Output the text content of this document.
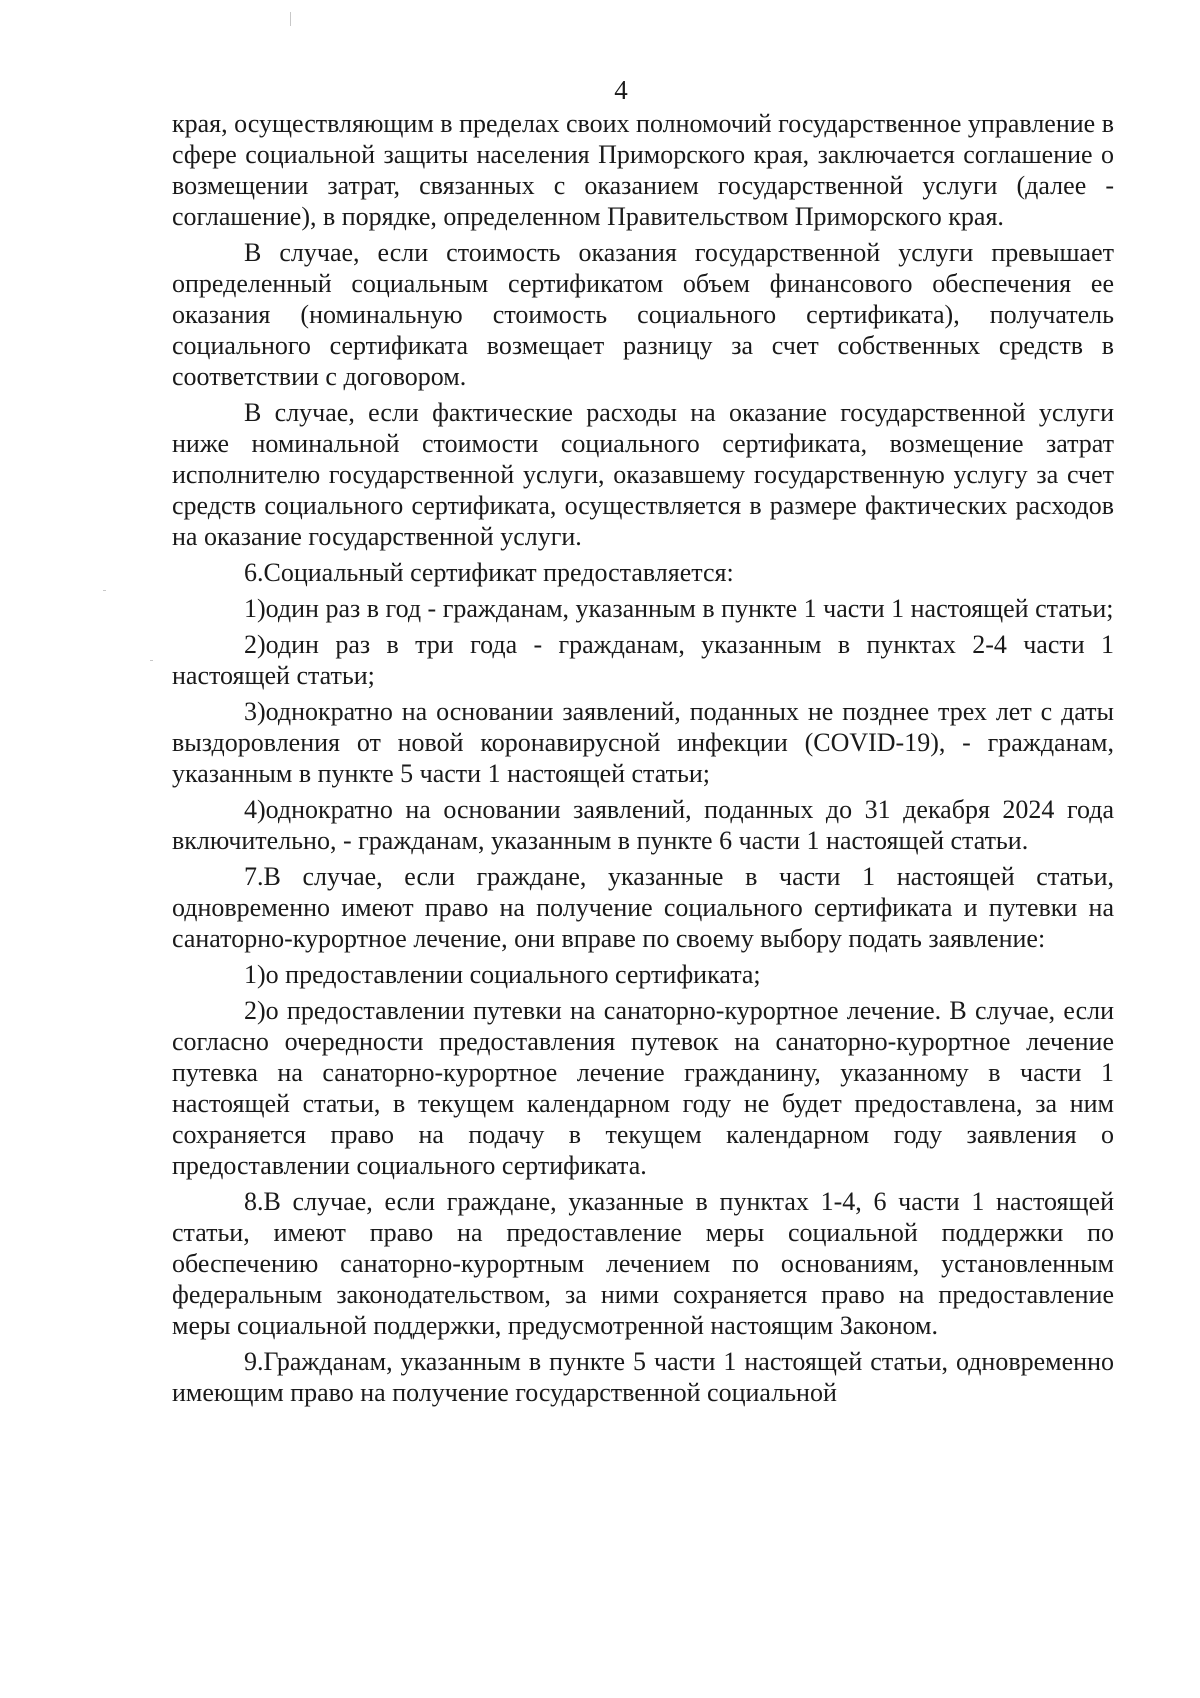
4

края, осуществляющим в пределах своих полномочий государственное управление в сфере социальной защиты населения Приморского края, заключается соглашение о возмещении затрат, связанных с оказанием государственной услуги (далее - соглашение), в порядке, определенном Правительством Приморского края.

В случае, если стоимость оказания государственной услуги превышает определенный социальным сертификатом объем финансового обеспечения ее оказания (номинальную стоимость социального сертификата), получатель социального сертификата возмещает разницу за счет собственных средств в соответствии с договором.

В случае, если фактические расходы на оказание государственной услуги ниже номинальной стоимости социального сертификата, возмещение затрат исполнителю государственной услуги, оказавшему государственную услугу за счет средств социального сертификата, осуществляется в размере фактических расходов на оказание государственной услуги.

6.Социальный сертификат предоставляется:

1)один раз в год - гражданам, указанным в пункте 1 части 1 настоящей статьи;

2)один раз в три года - гражданам, указанным в пунктах 2-4 части 1 настоящей статьи;

3)однократно на основании заявлений, поданных не позднее трех лет с даты выздоровления от новой коронавирусной инфекции (COVID-19), - гражданам, указанным в пункте 5 части 1 настоящей статьи;

4)однократно на основании заявлений, поданных до 31 декабря 2024 года включительно, - гражданам, указанным в пункте 6 части 1 настоящей статьи.

7.В случае, если граждане, указанные в части 1 настоящей статьи, одновременно имеют право на получение социального сертификата и путевки на санаторно-курортное лечение, они вправе по своему выбору подать заявление:

1)о предоставлении социального сертификата;

2)о предоставлении путевки на санаторно-курортное лечение. В случае, если согласно очередности предоставления путевок на санаторно-курортное лечение путевка на санаторно-курортное лечение гражданину, указанному в части 1 настоящей статьи, в текущем календарном году не будет предоставлена, за ним сохраняется право на подачу в текущем календарном году заявления о предоставлении социального сертификата.

8.В случае, если граждане, указанные в пунктах 1-4, 6 части 1 настоящей статьи, имеют право на предоставление меры социальной поддержки по обеспечению санаторно-курортным лечением по основаниям, установленным федеральным законодательством, за ними сохраняется право на предоставление меры социальной поддержки, предусмотренной настоящим Законом.

9.Гражданам, указанным в пункте 5 части 1 настоящей статьи, одновременно имеющим право на получение государственной социальной
